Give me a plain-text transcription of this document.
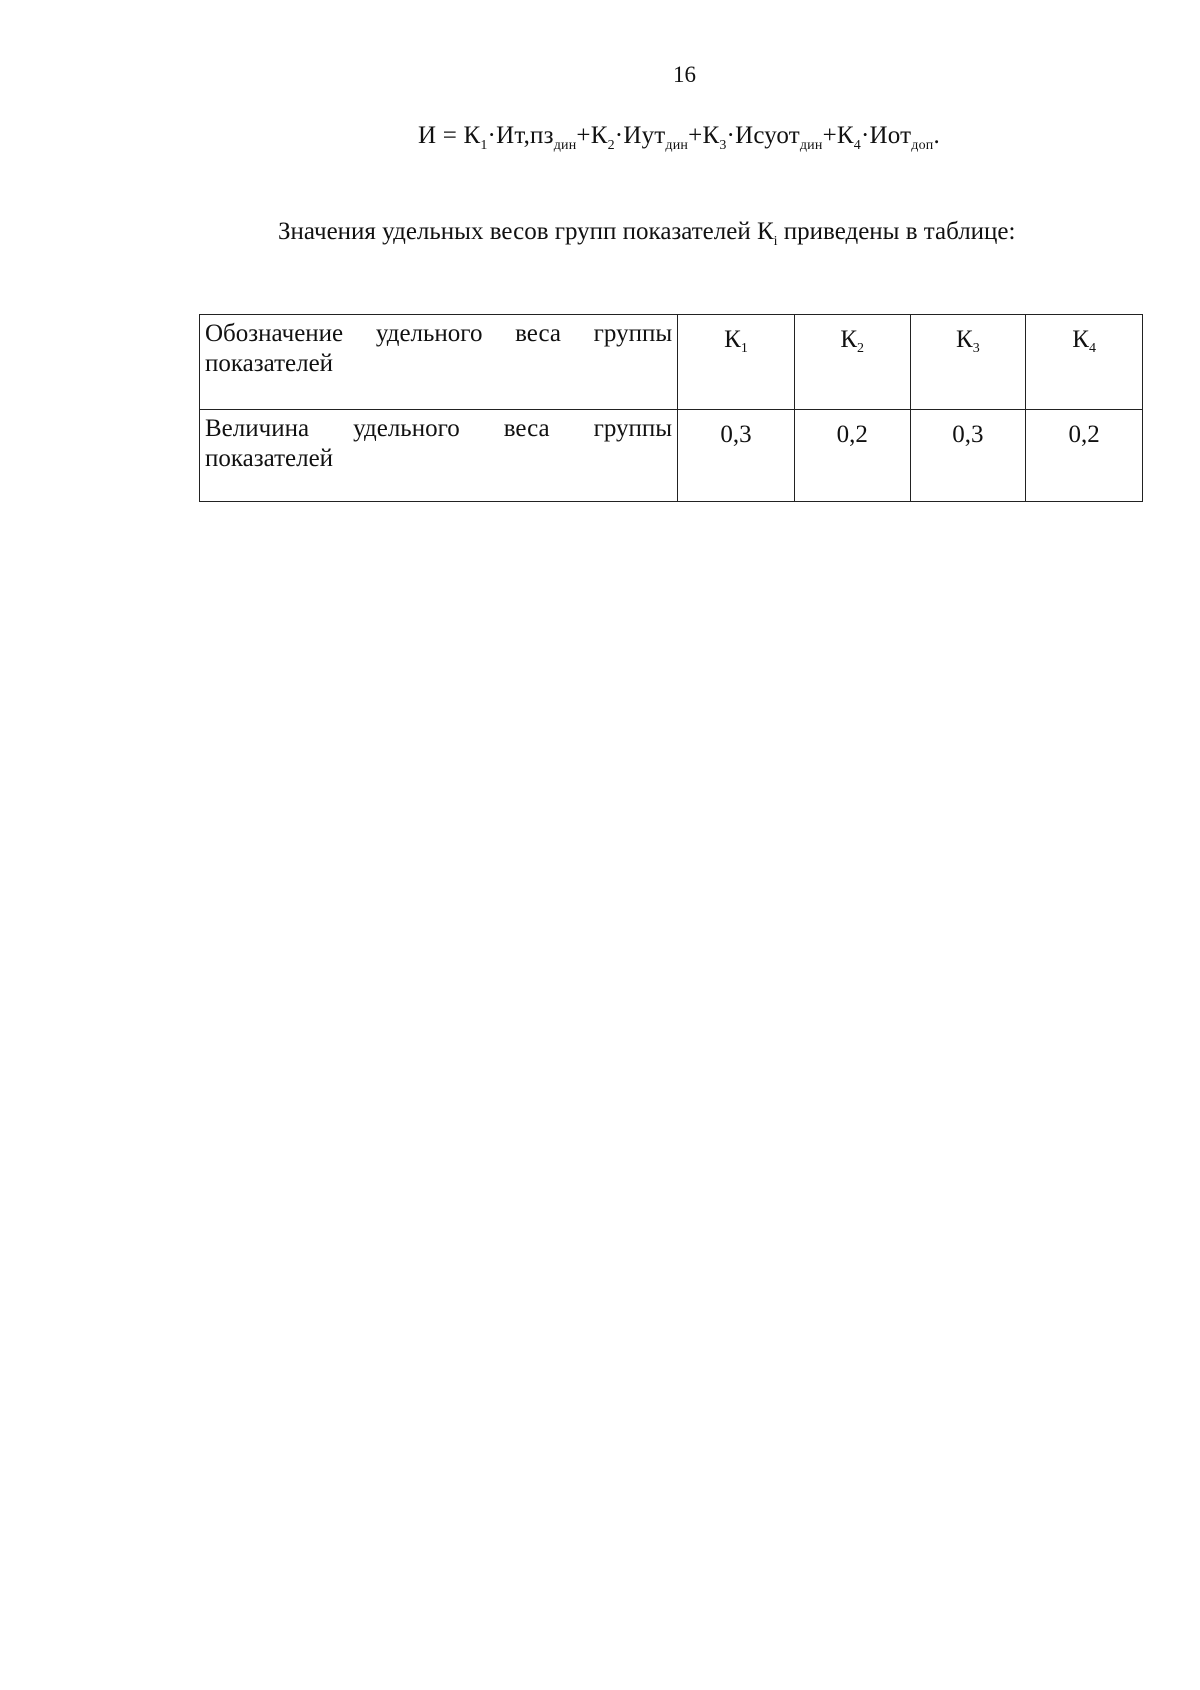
16
$И = К_1\cdot Ит,пз_{дин}+К_2\cdot Иут_{дин}+К_3\cdot Исуот_{дин}+К_4\cdot Иот_{доп}$.
Значения удельных весов групп показателей $К_i$ приведены в таблице:
Обозначение удельного веса группы
показателей	$К_1$	$К_2$	$К_3$	$К_4$

Величина удельного веса группы
показателей	0,3	0,2	0,3	0,2
